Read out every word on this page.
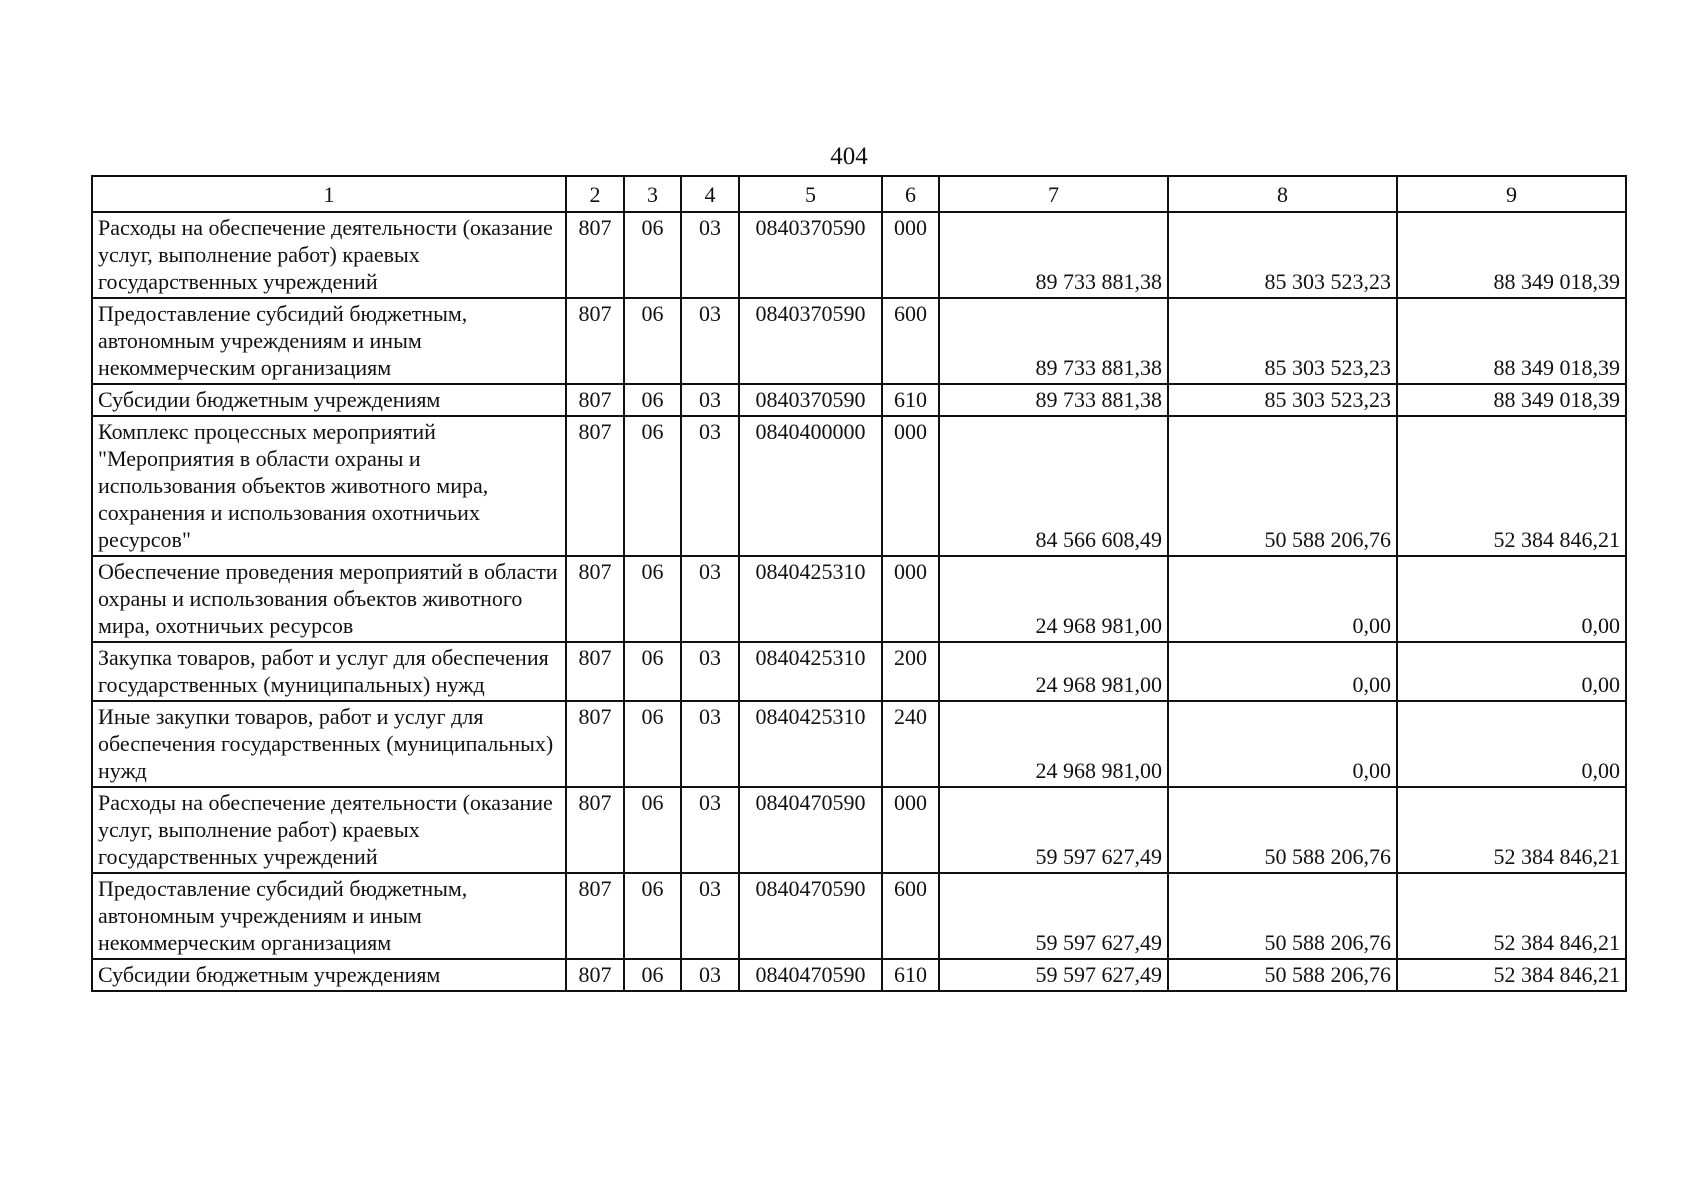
404
1	2	3	4	5	6	7	8	9
Расходы на обеспечение деятельности (оказание услуг, выполнение работ) краевых государственных учреждений	807	06	03	0840370590	000	89 733 881,38	85 303 523,23	88 349 018,39
Предоставление субсидий бюджетным, автономным учреждениям и иным некоммерческим организациям	807	06	03	0840370590	600	89 733 881,38	85 303 523,23	88 349 018,39
Субсидии бюджетным учреждениям	807	06	03	0840370590	610	89 733 881,38	85 303 523,23	88 349 018,39
Комплекс процессных мероприятий "Мероприятия в области охраны и использования объектов животного мира, сохранения и использования охотничьих ресурсов"	807	06	03	0840400000	000	84 566 608,49	50 588 206,76	52 384 846,21
Обеспечение проведения мероприятий в области охраны и использования объектов животного мира, охотничьих ресурсов	807	06	03	0840425310	000	24 968 981,00	0,00	0,00
Закупка товаров, работ и услуг для обеспечения государственных (муниципальных) нужд	807	06	03	0840425310	200	24 968 981,00	0,00	0,00
Иные закупки товаров, работ и услуг для обеспечения государственных (муниципальных) нужд	807	06	03	0840425310	240	24 968 981,00	0,00	0,00
Расходы на обеспечение деятельности (оказание услуг, выполнение работ) краевых государственных учреждений	807	06	03	0840470590	000	59 597 627,49	50 588 206,76	52 384 846,21
Предоставление субсидий бюджетным, автономным учреждениям и иным некоммерческим организациям	807	06	03	0840470590	600	59 597 627,49	50 588 206,76	52 384 846,21
Субсидии бюджетным учреждениям	807	06	03	0840470590	610	59 597 627,49	50 588 206,76	52 384 846,21
